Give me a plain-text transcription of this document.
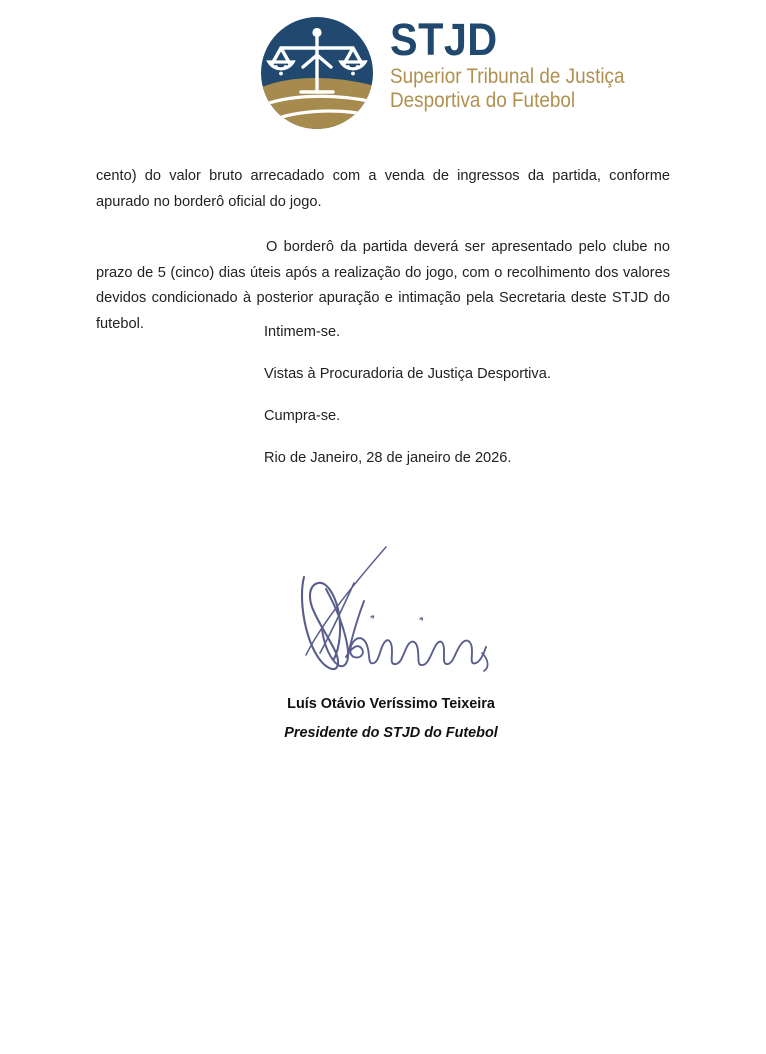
STJD
Superior Tribunal de Justiça
Desportiva do Futebol

cento) do valor bruto arrecadado com a venda de ingressos da partida, conforme apurado no borderô oficial do jogo.

O borderô da partida deverá ser apresentado pelo clube no prazo de 5 (cinco) dias úteis após a realização do jogo, com o recolhimento dos valores devidos condicionado à posterior apuração e intimação pela Secretaria deste STJD do futebol.

Intimem-se.

Vistas à Procuradoria de Justiça Desportiva.

Cumpra-se.

Rio de Janeiro, 28 de janeiro de 2026.

Luís Otávio Veríssimo Teixeira
Presidente do STJD do Futebol
